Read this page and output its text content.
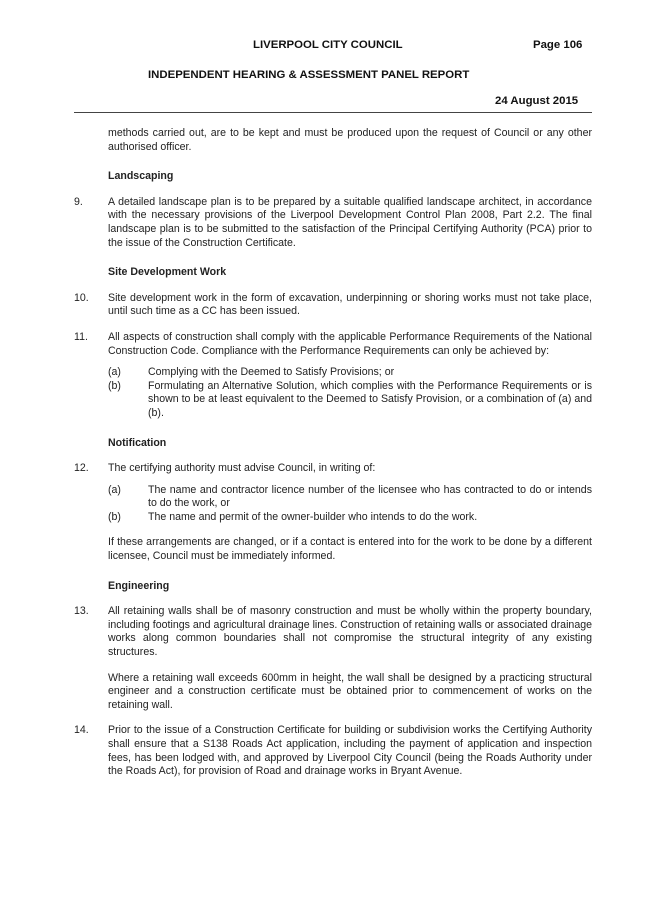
LIVERPOOL CITY COUNCIL	Page 106
INDEPENDENT HEARING & ASSESSMENT PANEL REPORT
24 August 2015

methods carried out, are to be kept and must be produced upon the request of Council or any other authorised officer.

Landscaping
9.	A detailed landscape plan is to be prepared by a suitable qualified landscape architect, in accordance with the necessary provisions of the Liverpool Development Control Plan 2008, Part 2.2. The final landscape plan is to be submitted to the satisfaction of the Principal Certifying Authority (PCA) prior to the issue of the Construction Certificate.
Site Development Work
10.	Site development work in the form of excavation, underpinning or shoring works must not take place, until such time as a CC has been issued.
11.	All aspects of construction shall comply with the applicable Performance Requirements of the National Construction Code. Compliance with the Performance Requirements can only be achieved by:
(a)	Complying with the Deemed to Satisfy Provisions; or
(b)	Formulating an Alternative Solution, which complies with the Performance Requirements or is shown to be at least equivalent to the Deemed to Satisfy Provision, or a combination of (a) and (b).
Notification
12.	The certifying authority must advise Council, in writing of:
(a)	The name and contractor licence number of the licensee who has contracted to do or intends to do the work, or
(b)	The name and permit of the owner-builder who intends to do the work.

If these arrangements are changed, or if a contact is entered into for the work to be done by a different licensee, Council must be immediately informed.

Engineering
13.	All retaining walls shall be of masonry construction and must be wholly within the property boundary, including footings and agricultural drainage lines. Construction of retaining walls or associated drainage works along common boundaries shall not compromise the structural integrity of any existing structures.

Where a retaining wall exceeds 600mm in height, the wall shall be designed by a practicing structural engineer and a construction certificate must be obtained prior to commencement of works on the retaining wall.

14.	Prior to the issue of a Construction Certificate for building or subdivision works the Certifying Authority shall ensure that a S138 Roads Act application, including the payment of application and inspection fees, has been lodged with, and approved by Liverpool City Council (being the Roads Authority under the Roads Act), for provision of Road and drainage works in Bryant Avenue.
